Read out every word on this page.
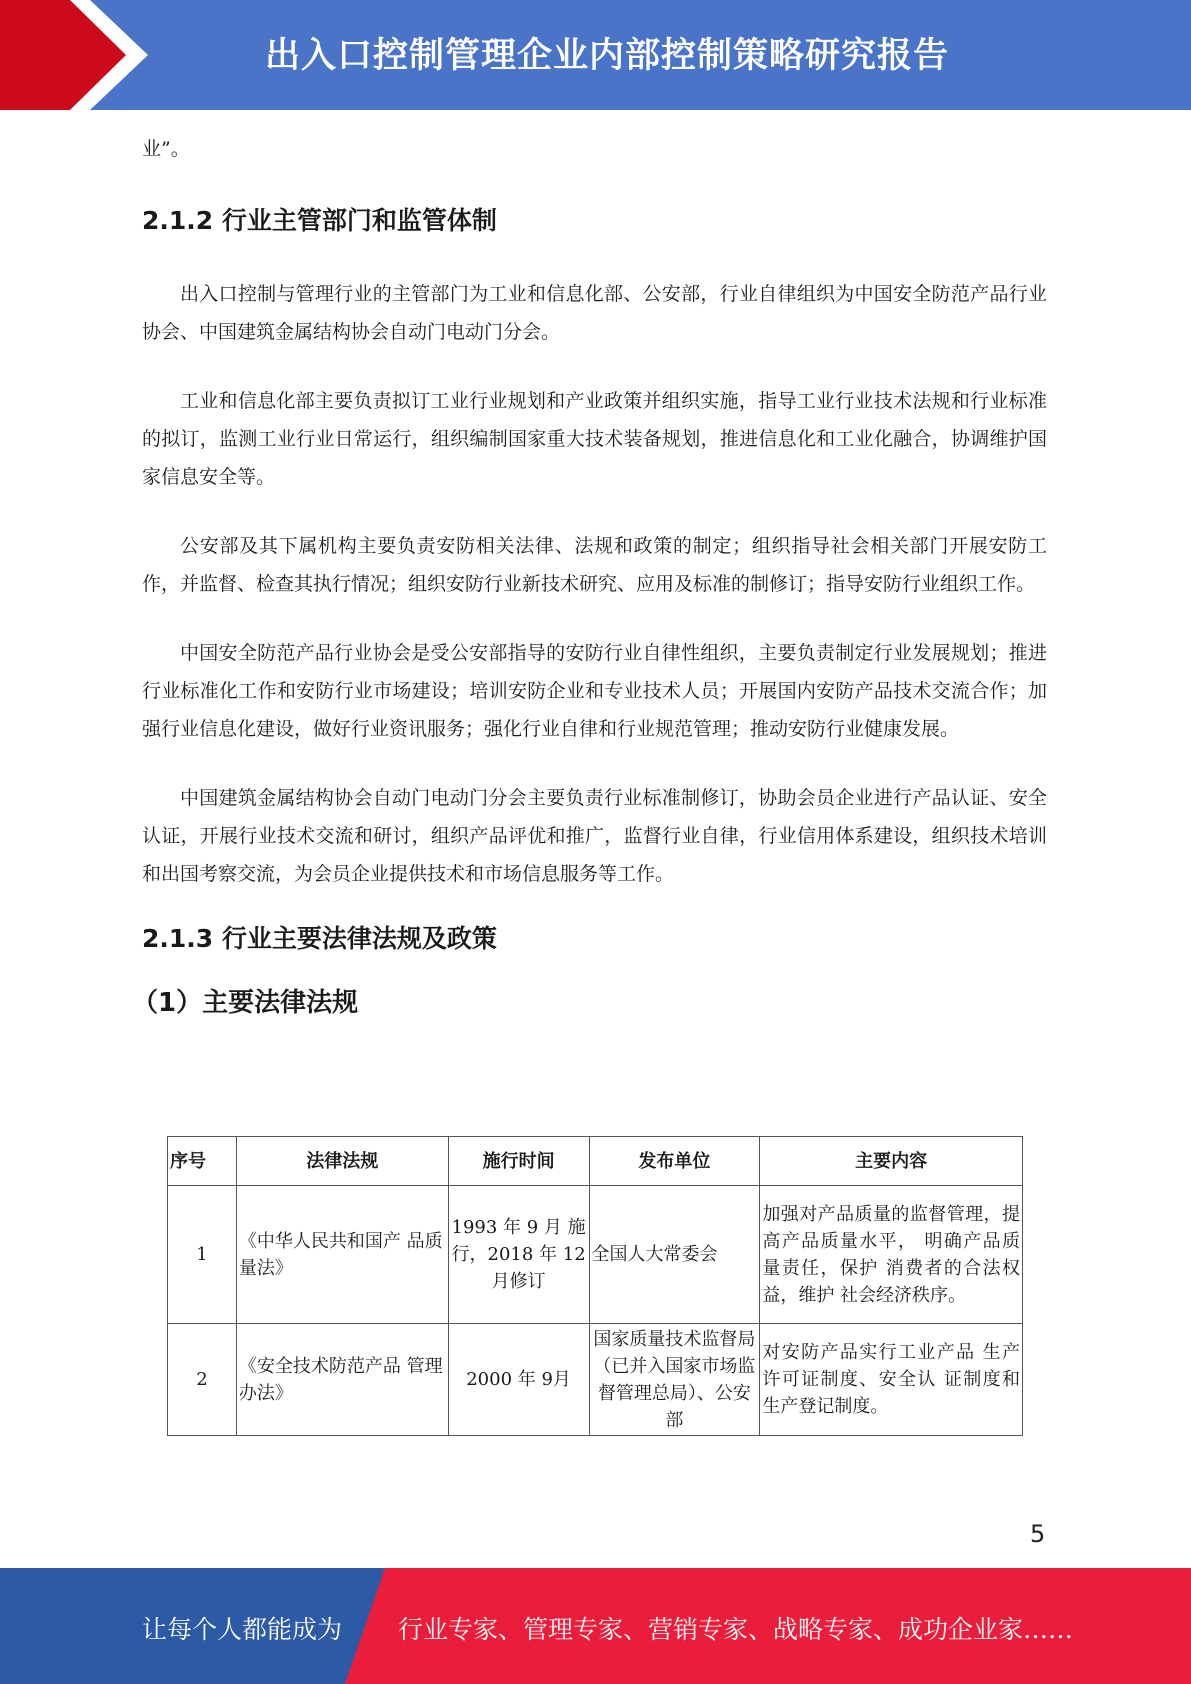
出入口控制管理企业内部控制策略研究报告

业”。

2.1.2 行业主管部门和监管体制

出入口控制与管理行业的主管部门为工业和信息化部、公安部，行业自律组织为中国安全防范产品行业协会、中国建筑金属结构协会自动门电动门分会。

工业和信息化部主要负责拟订工业行业规划和产业政策并组织实施，指导工业行业技术法规和行业标准的拟订，监测工业行业日常运行，组织编制国家重大技术装备规划，推进信息化和工业化融合，协调维护国家信息安全等。

公安部及其下属机构主要负责安防相关法律、法规和政策的制定；组织指导社会相关部门开展安防工作，并监督、检查其执行情况；组织安防行业新技术研究、应用及标准的制修订；指导安防行业组织工作。

中国安全防范产品行业协会是受公安部指导的安防行业自律性组织，主要负责制定行业发展规划；推进行业标准化工作和安防行业市场建设；培训安防企业和专业技术人员；开展国内安防产品技术交流合作；加强行业信息化建设，做好行业资讯服务；强化行业自律和行业规范管理；推动安防行业健康发展。

中国建筑金属结构协会自动门电动门分会主要负责行业标准制修订，协助会员企业进行产品认证、安全认证，开展行业技术交流和研讨，组织产品评优和推广，监督行业自律，行业信用体系建设，组织技术培训和出国考察交流，为会员企业提供技术和市场信息服务等工作。

2.1.3 行业主要法律法规及政策
（1）主要法律法规
序号	法律法规	施行时间	发布单位	主要内容
1	《中华人民共和国产 品质量法》	1993 年 9 月 施行，2018 年 12 月修订	全国人大常委会	加强对产品质量的监督管理，提高产品质量水平， 明确产品质量责任，保护 消费者的合法权益，维护 社会经济秩序。
2	《安全技术防范产品 管理办法》	2000 年 9月	国家质量技术监督局（已并入国家市场监督管理总局）、公安部	对安防产品实行工业产品 生产许可证制度、安全认 证制度和生产登记制度。
5
让每个人都能成为 行业专家、管理专家、营销专家、战略专家、成功企业家……
